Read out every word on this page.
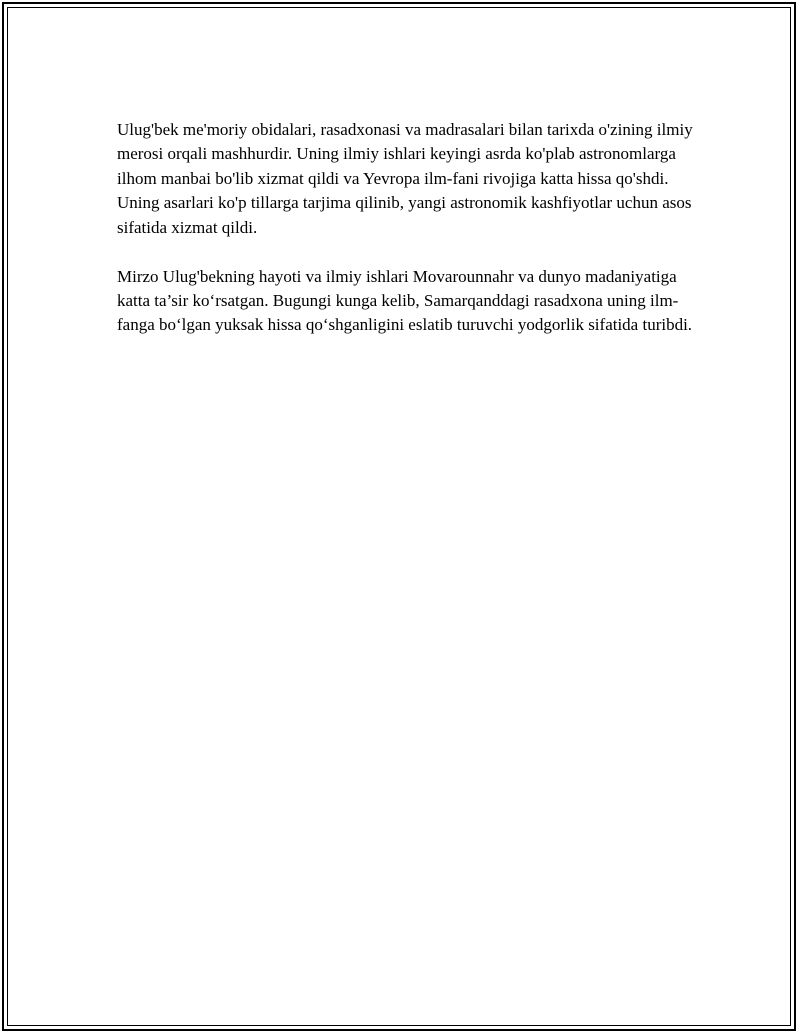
Ulug'bek me'moriy obidalari, rasadxonasi va madrasalari bilan tarixda o'zining ilmiy merosi orqali mashhurdir. Uning ilmiy ishlari keyingi asrda ko'plab astronomlarga ilhom manbai bo'lib xizmat qildi va Yevropa ilm-fani rivojiga katta hissa qo'shdi. Uning asarlari ko'p tillarga tarjima qilinib, yangi astronomik kashfiyotlar uchun asos sifatida xizmat qildi.

Mirzo Ulug'bekning hayoti va ilmiy ishlari Movarounnahr va dunyo madaniyatiga katta ta’sir ko‘rsatgan. Bugungi kunga kelib, Samarqanddagi rasadxona uning ilm-fanga bo‘lgan yuksak hissa qo‘shganligini eslatib turuvchi yodgorlik sifatida turibdi.
